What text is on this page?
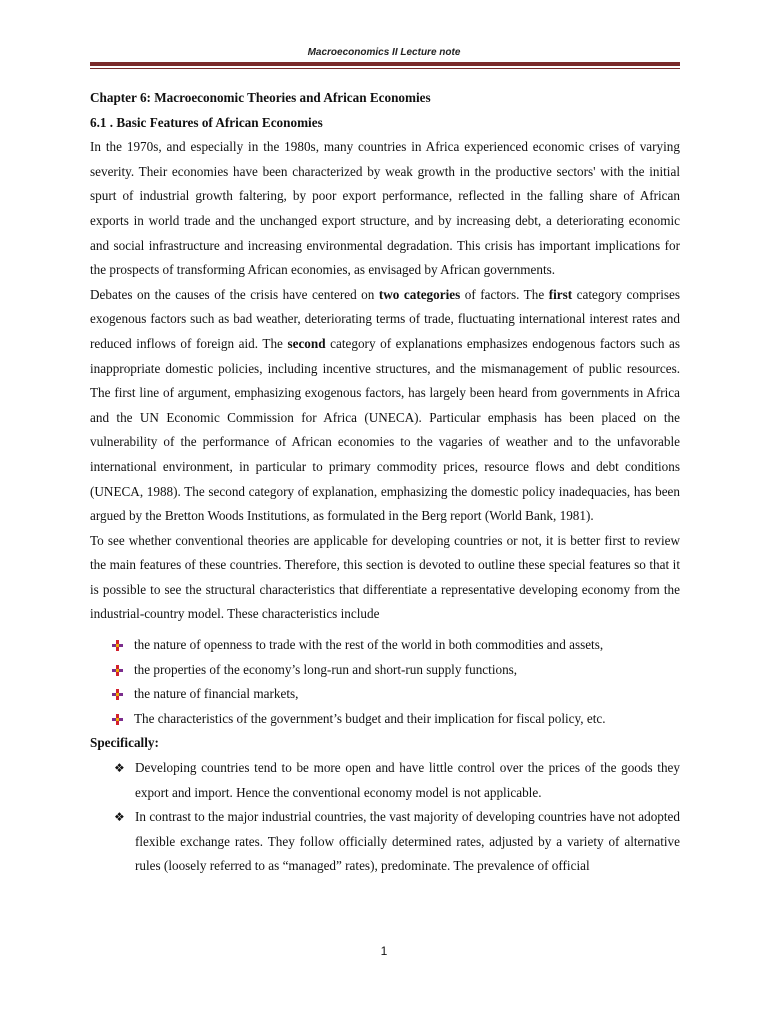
Macroeconomics II Lecture note

Chapter 6: Macroeconomic Theories and African Economies

6.1 . Basic Features of African Economies

In the 1970s, and especially in the 1980s, many countries in Africa experienced economic crises of varying severity. Their economies have been characterized by weak growth in the productive sectors' with the initial spurt of industrial growth faltering, by poor export performance, reflected in the falling share of African exports in world trade and the unchanged export structure, and by increasing debt, a deteriorating economic and social infrastructure and increasing environmental degradation. This crisis has important implications for the prospects of transforming African economies, as envisaged by African governments.

Debates on the causes of the crisis have centered on two categories of factors. The first category comprises exogenous factors such as bad weather, deteriorating terms of trade, fluctuating international interest rates and reduced inflows of foreign aid. The second category of explanations emphasizes endogenous factors such as inappropriate domestic policies, including incentive structures, and the mismanagement of public resources. The first line of argument, emphasizing exogenous factors, has largely been heard from governments in Africa and the UN Economic Commission for Africa (UNECA). Particular emphasis has been placed on the vulnerability of the performance of African economies to the vagaries of weather and to the unfavorable international environment, in particular to primary commodity prices, resource flows and debt conditions (UNECA, 1988). The second category of explanation, emphasizing the domestic policy inadequacies, has been argued by the Bretton Woods Institutions, as formulated in the Berg report (World Bank, 1981).

To see whether conventional theories are applicable for developing countries or not, it is better first to review the main features of these countries. Therefore, this section is devoted to outline these special features so that it is possible to see the structural characteristics that differentiate a representative developing economy from the industrial-country model. These characteristics include

the nature of openness to trade with the rest of the world in both commodities and assets,
the properties of the economy’s long-run and short-run supply functions,
the nature of financial markets,
The characteristics of the government’s budget and their implication for fiscal policy, etc.

Specifically:

❖ Developing countries tend to be more open and have little control over the prices of the goods they export and import. Hence the conventional economy model is not applicable.
❖ In contrast to the major industrial countries, the vast majority of developing countries have not adopted flexible exchange rates. They follow officially determined rates, adjusted by a variety of alternative rules (loosely referred to as “managed” rates), predominate. The prevalence of official
1
